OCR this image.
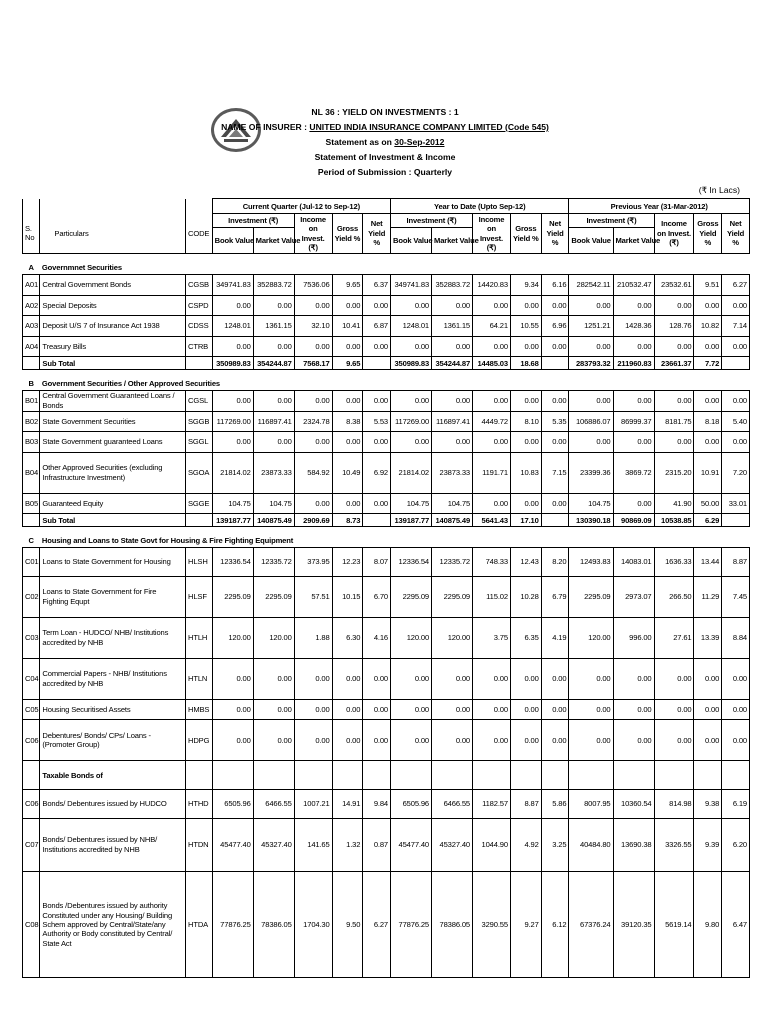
NL 36 : YIELD ON INVESTMENTS : 1
NAME OF INSURER : UNITED INDIA INSURANCE COMPANY LIMITED (Code 545)
Statement as on 30-Sep-2012
Statement of Investment & Income
Period of Submission : Quarterly
(₹ In Lacs)
			Current Quarter (Jul-12 to Sep-12)					Year to Date (Upto Sep-12)					Previous Year (31-Mar-2012)				
S. No	Particulars	CODE	Investment (₹)		Income on Invest. (₹)	Gross Yield %	Net Yield %	Investment (₹)		Income on Invest. (₹)	Gross Yield %	Net Yield %	Investment (₹)		Income on Invest. (₹)	Gross Yield %	Net Yield %
			Book Value	Market Value				Book Value	Market Value				Book Value	Market Value			

A	Governmnet Securities																
A01	Central Government Bonds	CGSB	349741.83	352883.72	7536.06	9.65	6.37	349741.83	352883.72	14420.83	9.34	6.16	282542.11	210532.47	23532.61	9.51	6.27
A02	Special Deposits	CSPD	0.00	0.00	0.00	0.00	0.00	0.00	0.00	0.00	0.00	0.00	0.00	0.00	0.00	0.00	0.00
A03	Deposit U/S 7 of Insurance Act 1938	CDSS	1248.01	1361.15	32.10	10.41	6.87	1248.01	1361.15	64.21	10.55	6.96	1251.21	1428.36	128.76	10.82	7.14
A04	Treasury Bills	CTRB	0.00	0.00	0.00	0.00	0.00	0.00	0.00	0.00	0.00	0.00	0.00	0.00	0.00	0.00	0.00
	Sub Total		350989.83	354244.87	7568.17	9.65		350989.83	354244.87	14485.03	18.68		283793.32	211960.83	23661.37	7.72	

B	Government Securities / Other Approved Securities																
B01	Central Government Guaranteed Loans / Bonds	CGSL	0.00	0.00	0.00	0.00	0.00	0.00	0.00	0.00	0.00	0.00	0.00	0.00	0.00	0.00	0.00
B02	State Government Securities	SGGB	117269.00	116897.41	2324.78	8.38	5.53	117269.00	116897.41	4449.72	8.10	5.35	106886.07	86999.37	8181.75	8.18	5.40
B03	State Government guaranteed Loans	SGGL	0.00	0.00	0.00	0.00	0.00	0.00	0.00	0.00	0.00	0.00	0.00	0.00	0.00	0.00	0.00
B04	Other Approved Securities (excluding Infrastructure Investment)	SGOA	21814.02	23873.33	584.92	10.49	6.92	21814.02	23873.33	1191.71	10.83	7.15	23399.36	3869.72	2315.20	10.91	7.20
B05	Guaranteed Equity	SGGE	104.75	104.75	0.00	0.00	0.00	104.75	104.75	0.00	0.00	0.00	104.75	0.00	41.90	50.00	33.01
	Sub Total		139187.77	140875.49	2909.69	8.73		139187.77	140875.49	5641.43	17.10		130390.18	90869.09	10538.85	6.29	

C	Housing and Loans to State Govt for Housing & Fire Fighting Equipment																
C01	Loans to State Government for Housing	HLSH	12336.54	12335.72	373.95	12.23	8.07	12336.54	12335.72	748.33	12.43	8.20	12493.83	14083.01	1636.33	13.44	8.87
C02	Loans to State Government for Fire Fighting Equpt	HLSF	2295.09	2295.09	57.51	10.15	6.70	2295.09	2295.09	115.02	10.28	6.79	2295.09	2973.07	266.50	11.29	7.45
C03	Term Loan - HUDCO/ NHB/ Institutions accredited by NHB	HTLH	120.00	120.00	1.88	6.30	4.16	120.00	120.00	3.75	6.35	4.19	120.00	996.00	27.61	13.39	8.84
C04	Commercial Papers - NHB/ Institutions accredited by NHB	HTLN	0.00	0.00	0.00	0.00	0.00	0.00	0.00	0.00	0.00	0.00	0.00	0.00	0.00	0.00	0.00
C05	Housing Securitised Assets	HMBS	0.00	0.00	0.00	0.00	0.00	0.00	0.00	0.00	0.00	0.00	0.00	0.00	0.00	0.00	0.00
C06	Debentures/ Bonds/ CPs/ Loans - (Promoter Group)	HDPG	0.00	0.00	0.00	0.00	0.00	0.00	0.00	0.00	0.00	0.00	0.00	0.00	0.00	0.00	0.00
	Taxable Bonds of																
C06	Bonds/ Debentures issued by HUDCO	HTHD	6505.96	6466.55	1007.21	14.91	9.84	6505.96	6466.55	1182.57	8.87	5.86	8007.95	10360.54	814.98	9.38	6.19
C07	Bonds/ Debentures issued by NHB/ Institutions accredited by NHB	HTDN	45477.40	45327.40	141.65	1.32	0.87	45477.40	45327.40	1044.90	4.92	3.25	40484.80	13690.38	3326.55	9.39	6.20
C08	Bonds /Debentures issued by authority Constituted under any Housing/ Building Schem approved by Central/State/any Authority or Body constituted by Central/ State Act	HTDA	77876.25	78386.05	1704.30	9.50	6.27	77876.25	78386.05	3290.55	9.27	6.12	67376.24	39120.35	5619.14	9.80	6.47
